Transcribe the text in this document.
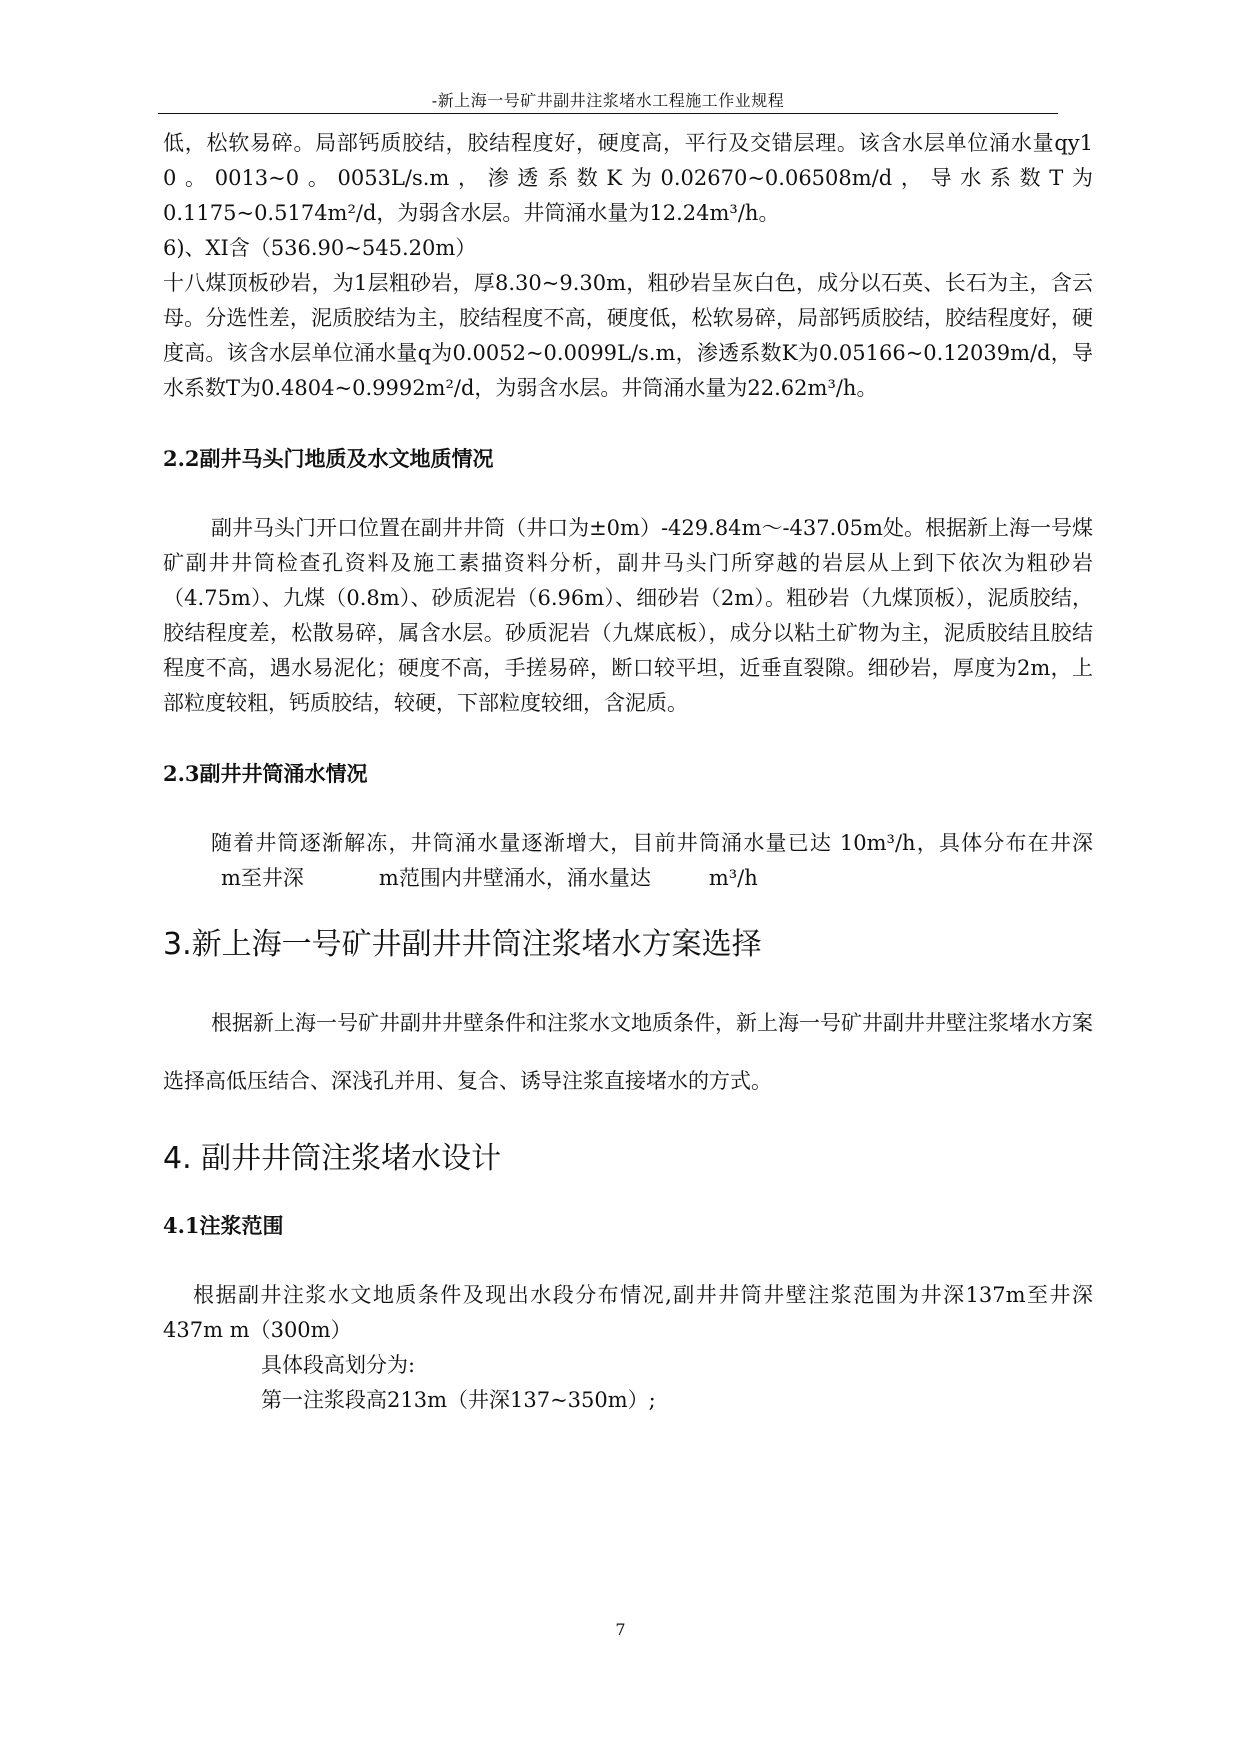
-新上海一号矿井副井注浆堵水工程施工作业规程

低，松软易碎。局部钙质胶结，胶结程度好，硬度高，平行及交错层理。该含水层单位涌水量qy1 0。0013~0。0053L/s.m，渗透系数K为0.02670~0.06508m/d，导水系数T为0.1175~0.5174m²/d，为弱含水层。井筒涌水量为12.24m³/h。

6)、XI含（536.90~545.20m）

十八煤顶板砂岩，为1层粗砂岩，厚8.30~9.30m，粗砂岩呈灰白色，成分以石英、长石为主，含云母。分选性差，泥质胶结为主，胶结程度不高，硬度低，松软易碎，局部钙质胶结，胶结程度好，硬度高。该含水层单位涌水量q为0.0052~0.0099L/s.m，渗透系数K为0.05166~0.12039m/d，导水系数T为0.4804~0.9992m²/d，为弱含水层。井筒涌水量为22.62m³/h。

2.2副井马头门地质及水文地质情况

副井马头门开口位置在副井井筒（井口为±0m）-429.84m～-437.05m处。根据新上海一号煤矿副井井筒检查孔资料及施工素描资料分析，副井马头门所穿越的岩层从上到下依次为粗砂岩（4.75m）、九煤（0.8m）、砂质泥岩（6.96m）、细砂岩（2m）。粗砂岩（九煤顶板），泥质胶结，胶结程度差，松散易碎，属含水层。砂质泥岩（九煤底板），成分以粘土矿物为主，泥质胶结且胶结程度不高，遇水易泥化；硬度不高，手搓易碎，断口较平坦，近垂直裂隙。细砂岩，厚度为2m，上部粒度较粗，钙质胶结，较硬，下部粒度较细，含泥质。

2.3副井井筒涌水情况

随着井筒逐渐解冻，井筒涌水量逐渐增大，目前井筒涌水量已达 10m³/h，具体分布在井深m至井深	m范围内井壁涌水，涌水量达	m³/h

3.新上海一号矿井副井井筒注浆堵水方案选择

根据新上海一号矿井副井井壁条件和注浆水文地质条件，新上海一号矿井副井井壁注浆堵水方案选择高低压结合、深浅孔并用、复合、诱导注浆直接堵水的方式。

4. 副井井筒注浆堵水设计

4.1注浆范围

根据副井注浆水文地质条件及现出水段分布情况,副井井筒井壁注浆范围为井深137m至井深437m m（300m）

具体段高划分为:

第一注浆段高213m（井深137~350m）;

7
